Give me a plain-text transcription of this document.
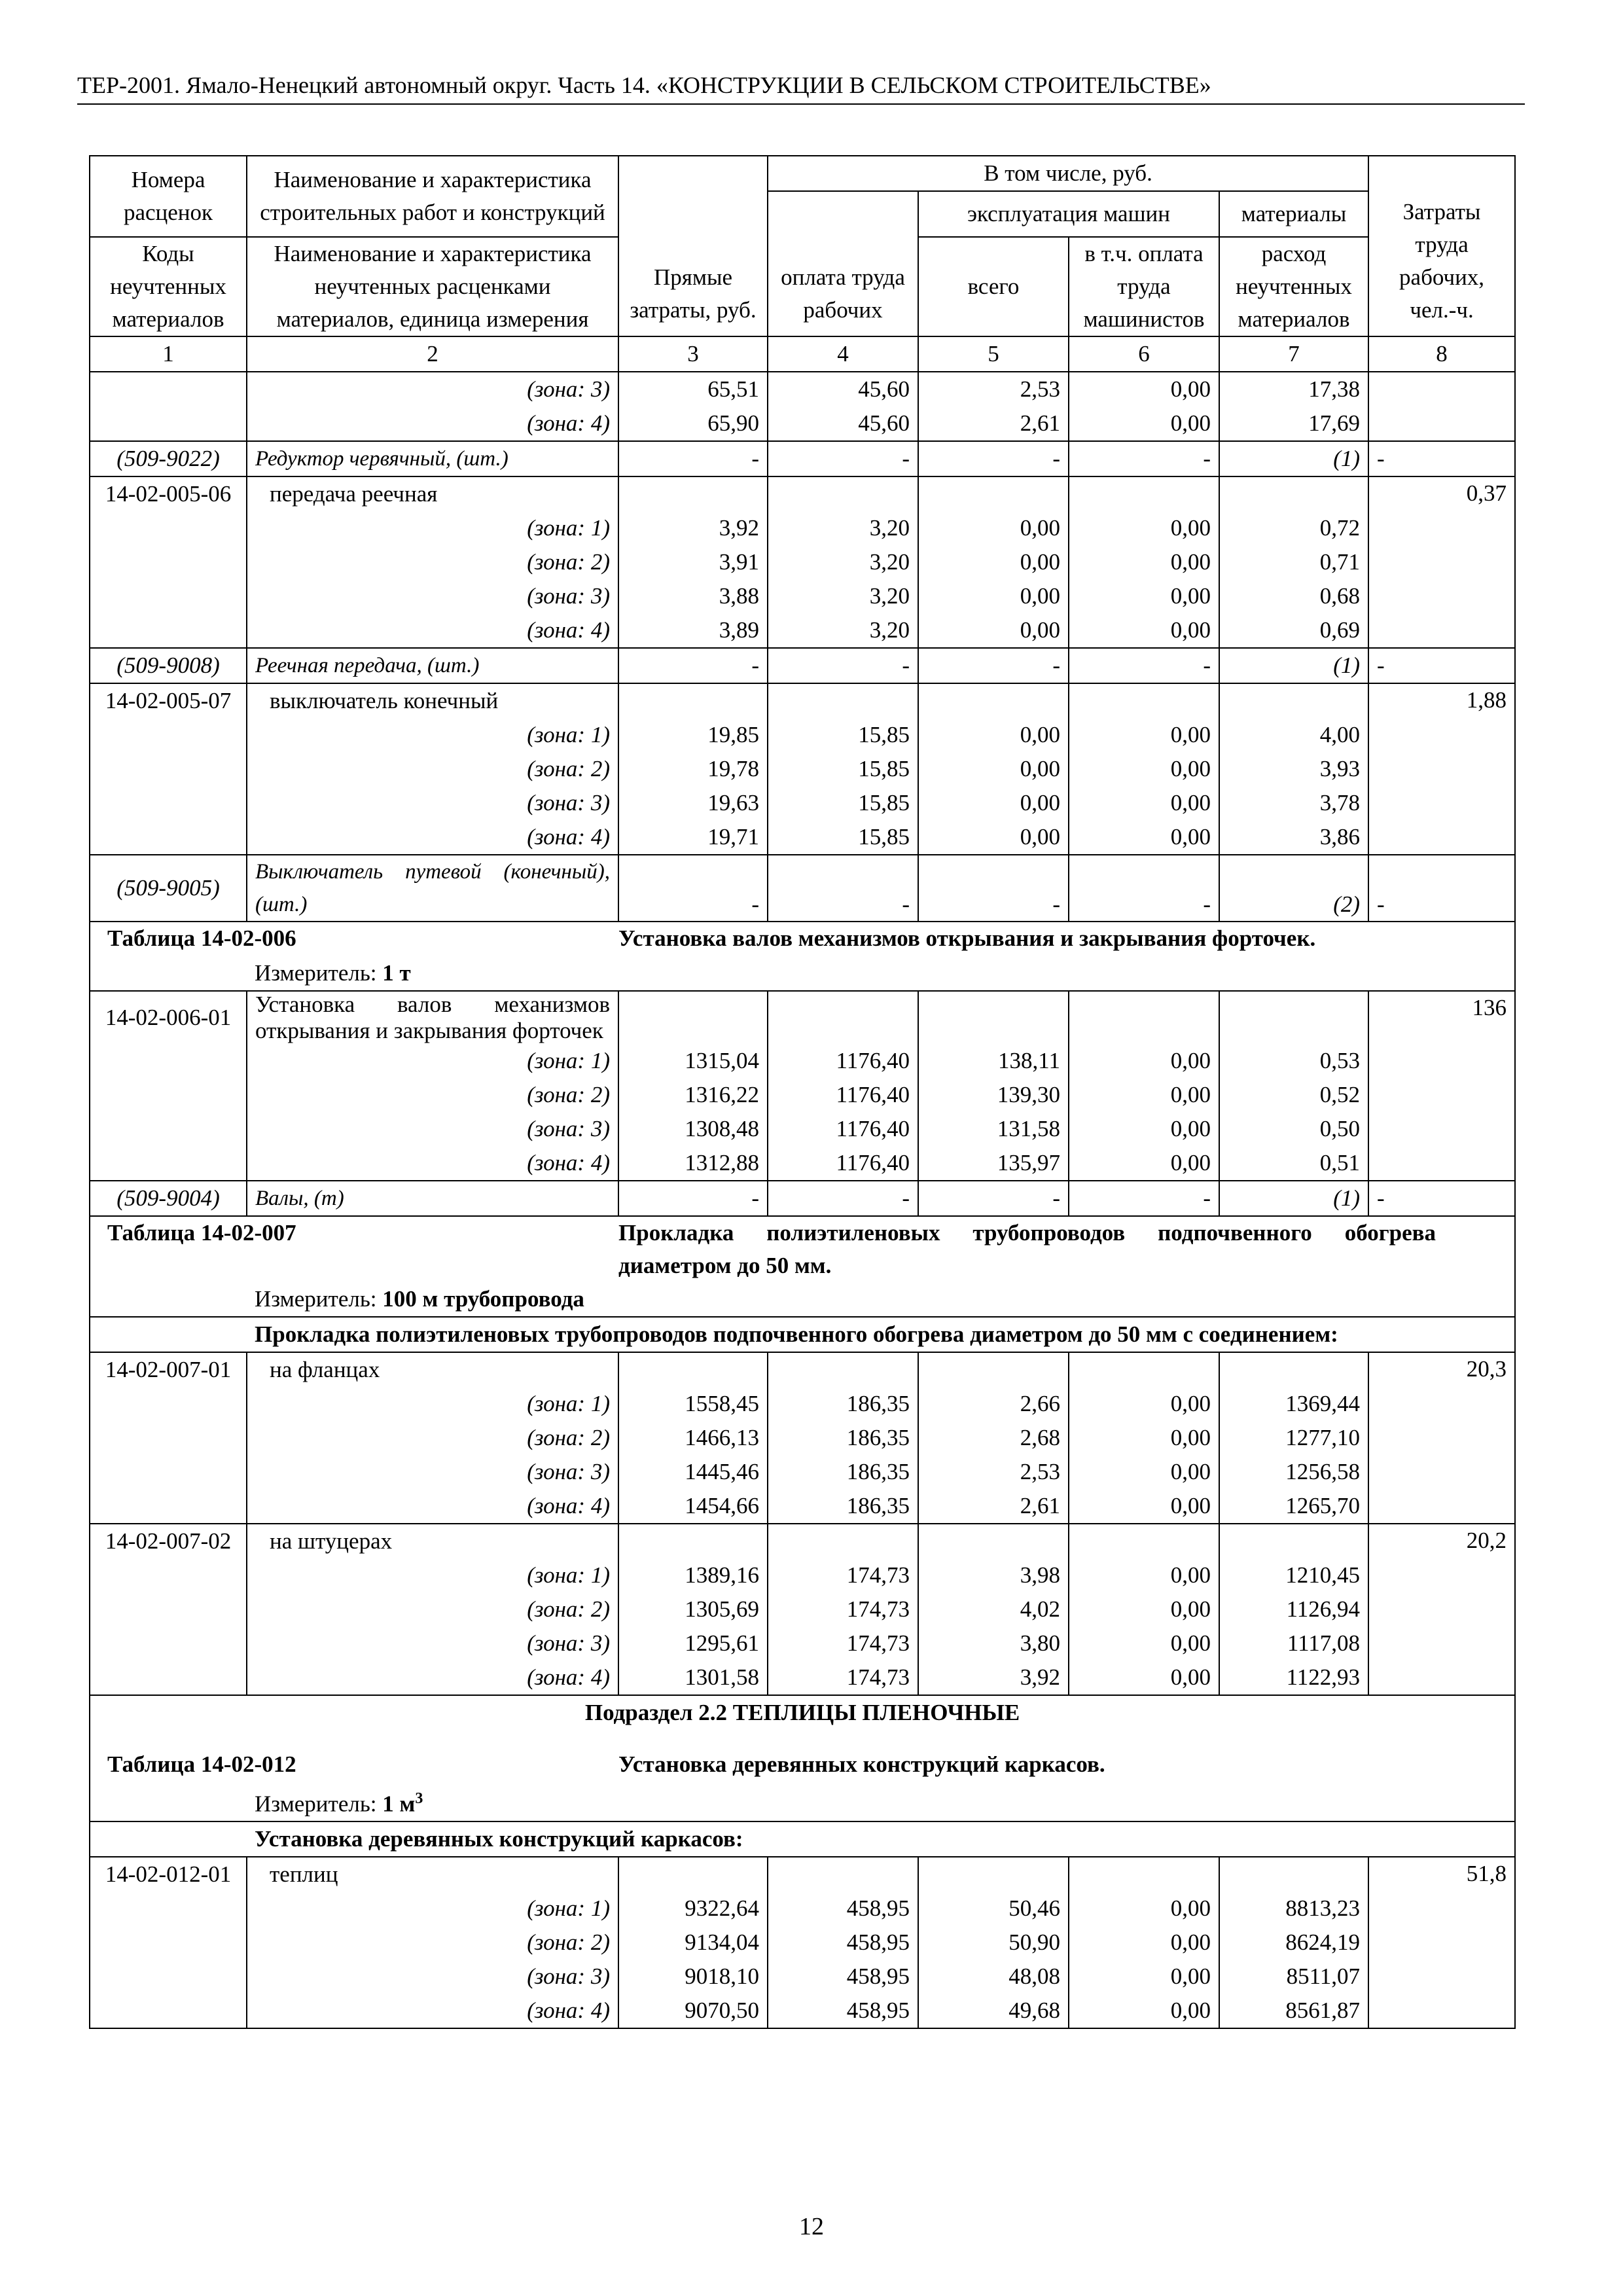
ТЕР-2001. Ямало-Ненецкий автономный округ. Часть 14. «КОНСТРУКЦИИ В СЕЛЬСКОМ СТРОИТЕЛЬСТВЕ»
Номера расценок	Наименование и характеристика строительных работ и конструкций	Прямые затраты, руб.	В том числе, руб.				Затраты труда рабочих, чел.-ч.
			оплата труда рабочих	эксплуатация машин		материалы	
Коды неучтенных материалов	Наименование и характеристика неучтенных расценками материалов, единица измерения			всего	в т.ч. оплата труда машинистов	расход неучтенных материалов	

1	2	3	4	5	6	7	8
	(зона: 3)	65,51	45,60	2,53	0,00	17,38	
	(зона: 4)	65,90	45,60	2,61	0,00	17,69	
(509-9022)	Редуктор червячный, (шт.)	-	-	-	-	(1)	-
14-02-005-06	передача реечная						0,37
	(зона: 1)	3,92	3,20	0,00	0,00	0,72	
	(зона: 2)	3,91	3,20	0,00	0,00	0,71	
	(зона: 3)	3,88	3,20	0,00	0,00	0,68	
	(зона: 4)	3,89	3,20	0,00	0,00	0,69	
(509-9008)	Реечная передача, (шт.)	-	-	-	-	(1)	-
14-02-005-07	выключатель конечный						1,88
	(зона: 1)	19,85	15,85	0,00	0,00	4,00	
	(зона: 2)	19,78	15,85	0,00	0,00	3,93	
	(зона: 3)	19,63	15,85	0,00	0,00	3,78	
	(зона: 4)	19,71	15,85	0,00	0,00	3,86	
(509-9005)	Выключатель путевой (конечный), (шт.)	-	-	-	-	(2)	-
Таблица 14-02-006		Установка валов механизмов открывания и закрывания форточек.					
	Измеритель: 1 т						
14-02-006-01	Установка валов механизмов открывания и закрывания форточек						136
	(зона: 1)	1315,04	1176,40	138,11	0,00	0,53	
	(зона: 2)	1316,22	1176,40	139,30	0,00	0,52	
	(зона: 3)	1308,48	1176,40	131,58	0,00	0,50	
	(зона: 4)	1312,88	1176,40	135,97	0,00	0,51	
(509-9004)	Валы, (т)	-	-	-	-	(1)	-
Таблица 14-02-007		Прокладка полиэтиленовых трубопроводов подпочвенного обогрева диаметром до 50 мм.					
	Измеритель: 100 м трубопровода						
	Прокладка полиэтиленовых трубопроводов подпочвенного обогрева диаметром до 50 мм с соединением:						
14-02-007-01	на фланцах						20,3
	(зона: 1)	1558,45	186,35	2,66	0,00	1369,44	
	(зона: 2)	1466,13	186,35	2,68	0,00	1277,10	
	(зона: 3)	1445,46	186,35	2,53	0,00	1256,58	
	(зона: 4)	1454,66	186,35	2,61	0,00	1265,70	
14-02-007-02	на штуцерах						20,2
	(зона: 1)	1389,16	174,73	3,98	0,00	1210,45	
	(зона: 2)	1305,69	174,73	4,02	0,00	1126,94	
	(зона: 3)	1295,61	174,73	3,80	0,00	1117,08	
	(зона: 4)	1301,58	174,73	3,92	0,00	1122,93	
Подраздел 2.2 ТЕПЛИЦЫ ПЛЕНОЧНЫЕ							
Таблица 14-02-012		Установка деревянных конструкций каркасов.					
	Измеритель: 1 $м^3$
	Установка деревянных конструкций каркасов:						
14-02-012-01	теплиц						51,8
	(зона: 1)	9322,64	458,95	50,46	0,00	8813,23	
	(зона: 2)	9134,04	458,95	50,90	0,00	8624,19	
	(зона: 3)	9018,10	458,95	48,08	0,00	8511,07	
	(зона: 4)	9070,50	458,95	49,68	0,00	8561,87	
12
